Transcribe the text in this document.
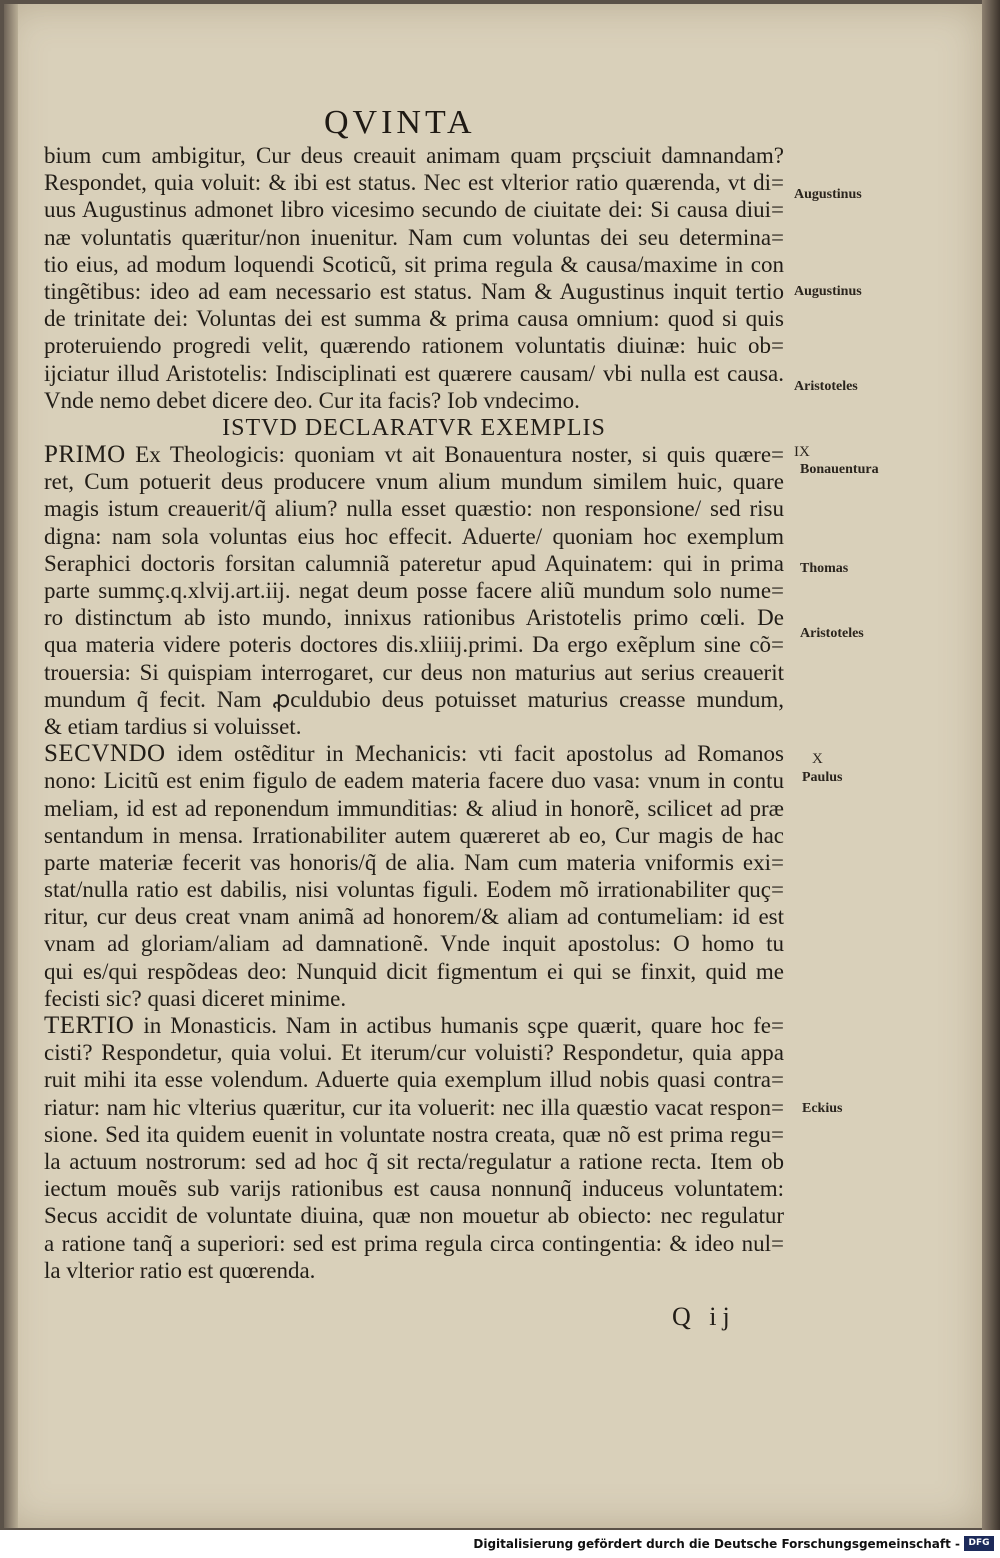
QVINTA
bium cum ambigitur, Cur deus creauit animam quam prçsciuit damnandam?
Respondet, quia voluit: & ibi est status. Nec est vlterior ratio quærenda, vt di=
uus Augustinus admonet libro vicesimo secundo de ciuitate dei: Si causa diui=
næ voluntatis quæritur/non inuenitur. Nam cum voluntas dei seu determina=
tio eius, ad modum loquendi Scoticũ, sit prima regula & causa/maxime in con
tingẽtibus: ideo ad eam necessario est status. Nam & Augustinus inquit tertio
de trinitate dei: Voluntas dei est summa & prima causa omnium: quod si quis
proteruiendo progredi velit, quærendo rationem voluntatis diuinæ: huic ob=
ijciatur illud Aristotelis: Indisciplinati est quærere causam/ vbi nulla est causa.
Vnde nemo debet dicere deo. Cur ita facis? Iob vndecimo.
ISTVD DECLARATVR EXEMPLIS
PRIMO Ex Theologicis: quoniam vt ait Bonauentura noster, si quis quære=
ret, Cum potuerit deus producere vnum alium mundum similem huic, quare
magis istum creauerit/q̃ alium? nulla esset quæstio: non responsione/ sed risu
digna: nam sola voluntas eius hoc effecit. Aduerte/ quoniam hoc exemplum
Seraphici doctoris forsitan calumniã pateretur apud Aquinatem: qui in prima
parte summç.q.xlvij.art.iij. negat deum posse facere aliũ mundum solo nume=
ro distinctum ab isto mundo, innixus rationibus Aristotelis primo cœli. De
qua materia videre poteris doctores dis.xliiij.primi. Da ergo exẽplum sine cõ=
trouersia: Si quispiam interrogaret, cur deus non maturius aut serius creauerit
mundum q̃ fecit. Nam ꝓculdubio deus potuisset maturius creasse mundum,
& etiam tardius si voluisset.
SECVNDO idem ostẽditur in Mechanicis: vti facit apostolus ad Romanos
nono: Licitũ est enim figulo de eadem materia facere duo vasa: vnum in contu
meliam, id est ad reponendum immunditias: & aliud in honorẽ, scilicet ad præ
sentandum in mensa. Irrationabiliter autem quæreret ab eo, Cur magis de hac
parte materiæ fecerit vas honoris/q̃ de alia. Nam cum materia vniformis exi=
stat/nulla ratio est dabilis, nisi voluntas figuli. Eodem mõ irrationabiliter quç=
ritur, cur deus creat vnam animã ad honorem/& aliam ad contumeliam: id est
vnam ad gloriam/aliam ad damnationẽ. Vnde inquit apostolus: O homo tu
qui es/qui respõdeas deo: Nunquid dicit figmentum ei qui se finxit, quid me
fecisti sic? quasi diceret minime.
TERTIO in Monasticis. Nam in actibus humanis sçpe quærit, quare hoc fe=
cisti? Respondetur, quia volui. Et iterum/cur voluisti? Respondetur, quia appa
ruit mihi ita esse volendum. Aduerte quia exemplum illud nobis quasi contra=
riatur: nam hic vlterius quæritur, cur ita voluerit: nec illa quæstio vacat respon=
sione. Sed ita quidem euenit in voluntate nostra creata, quæ nõ est prima regu=
la actuum nostrorum: sed ad hoc q̃ sit recta/regulatur a ratione recta. Item ob
iectum mouẽs sub varijs rationibus est causa nonnunq̃ induceus voluntatem:
Secus accidit de voluntate diuina, quæ non mouetur ab obiecto: nec regulatur
a ratione tanq̃ a superiori: sed est prima regula circa contingentia: & ideo nul=
la vlterior ratio est quœrenda.
Augustinus
Augustinus
Aristoteles
IX
Bonauentura
Thomas
Aristoteles
X
Paulus
Eckius
Q ij
Digitalisierung gefördert durch die Deutsche Forschungsgemeinschaft - DFG
